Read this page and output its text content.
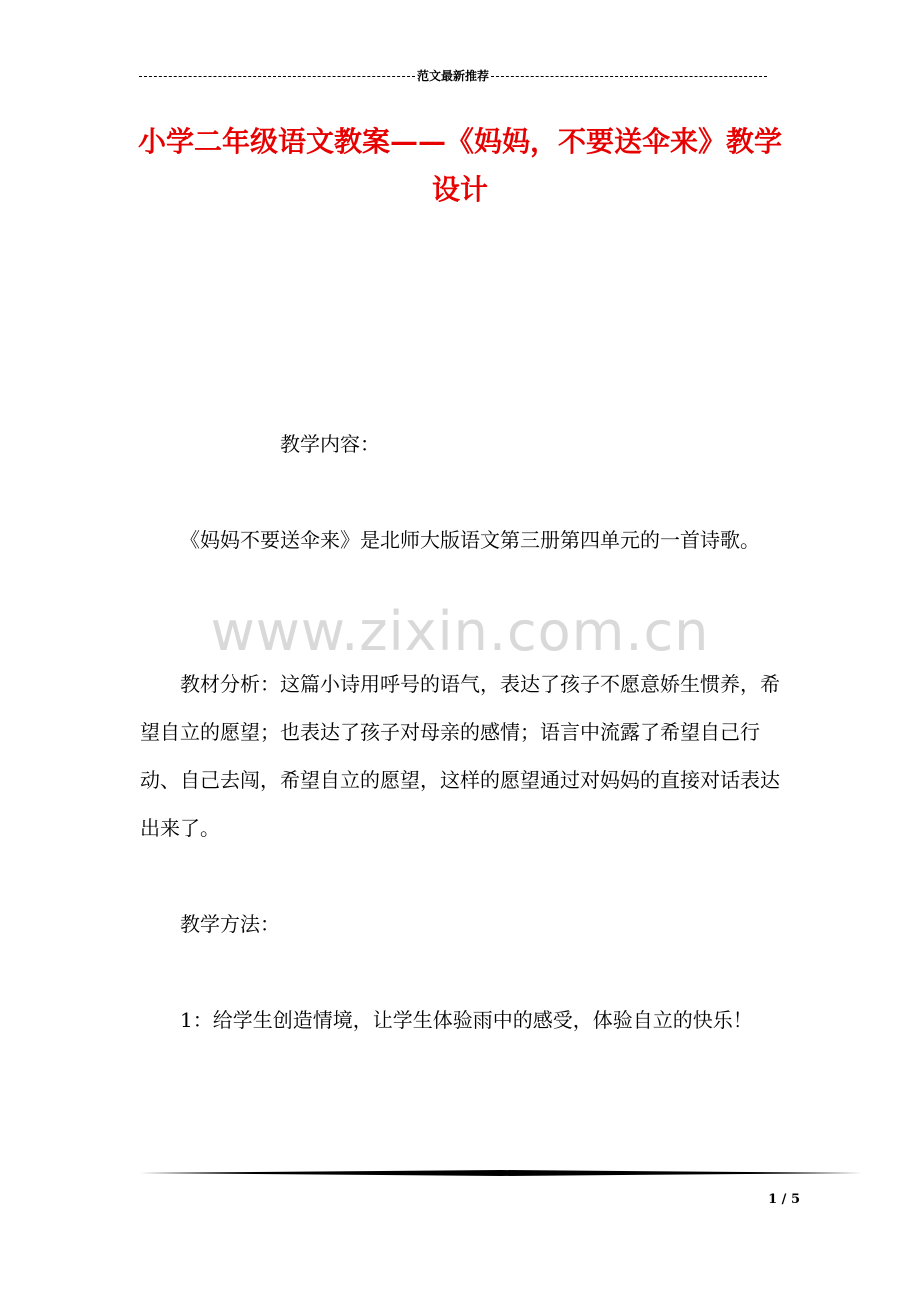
范文最新推荐
小学二年级语文教案——《妈妈，不要送伞来》教学
设计
www.zixin.com.cn

教学内容：

《妈妈不要送伞来》是北师大版语文第三册第四单元的一首诗歌。

教材分析：这篇小诗用呼号的语气，表达了孩子不愿意娇生惯养，希望自立的愿望；也表达了孩子对母亲的感情；语言中流露了希望自己行动、自己去闯，希望自立的愿望，这样的愿望通过对妈妈的直接对话表达出来了。

教学方法：

1：给学生创造情境，让学生体验雨中的感受，体验自立的快乐！

1 / 5
